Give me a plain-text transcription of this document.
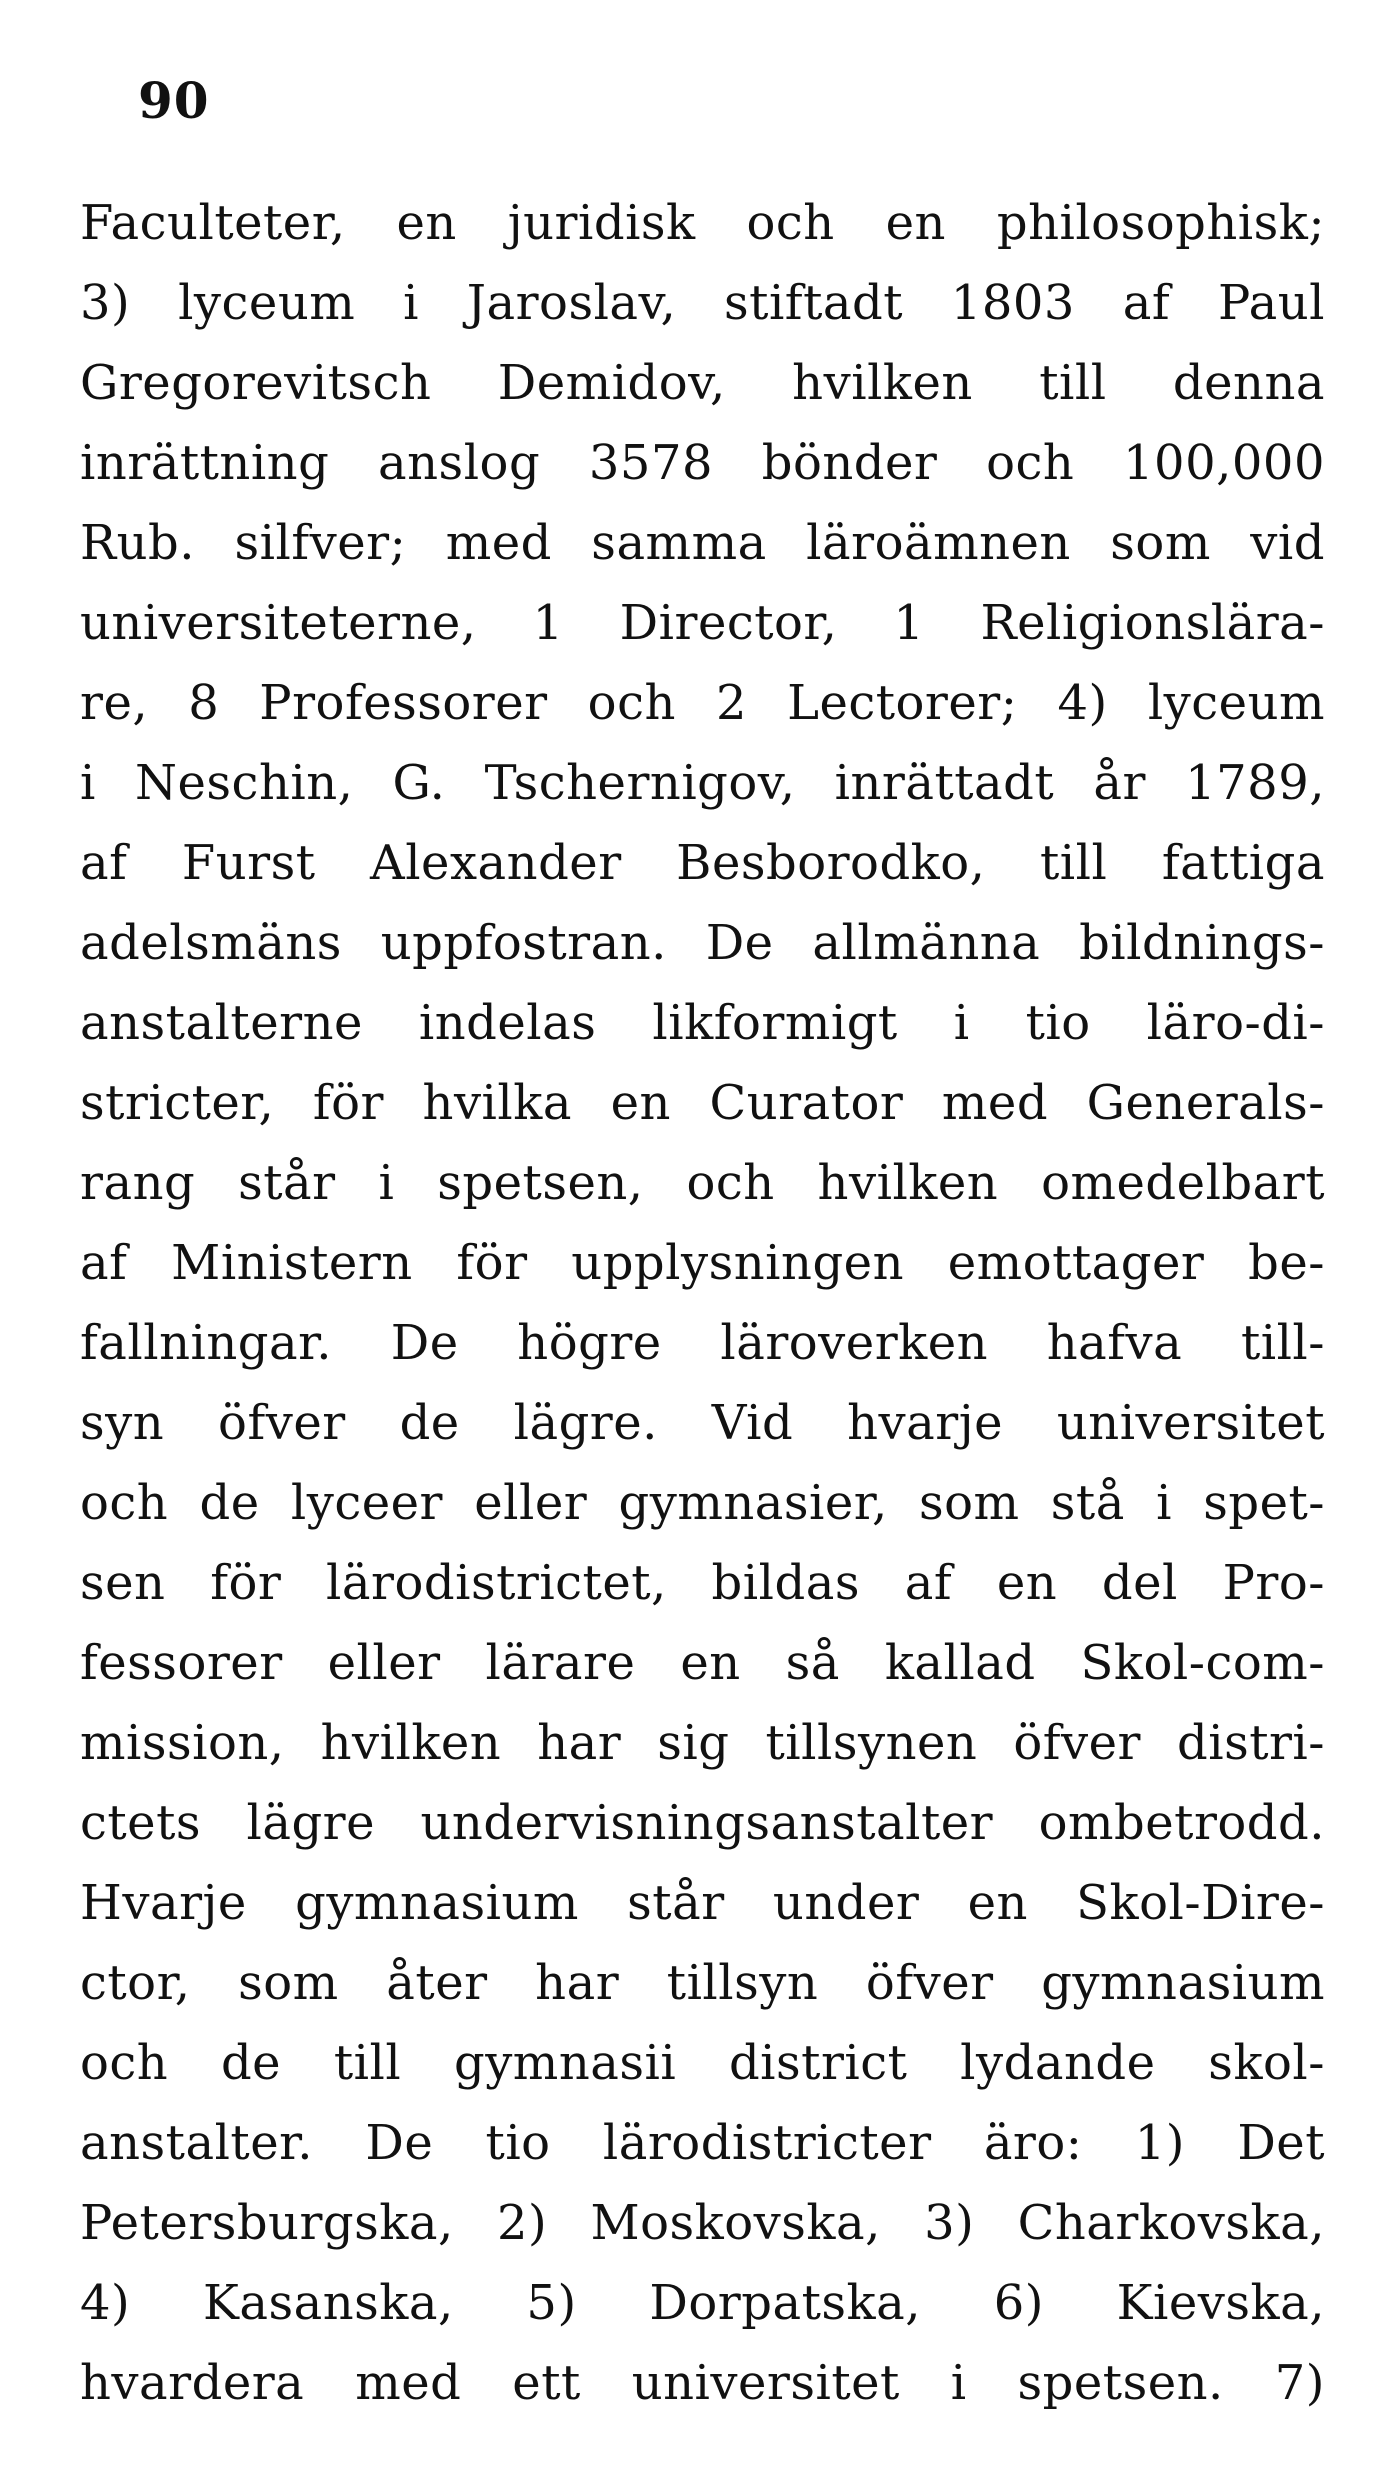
90
Faculteter, en juridisk och en philosophisk;
3) lyceum i Jaroslav, stiftadt 1803 af Paul
Gregorevitsch Demidov, hvilken till denna
inrättning anslog 3578 bönder och 100,000
Rub. silfver; med samma läroämnen som vid
universiteterne, 1 Director, 1 Religionslära-
re, 8 Professorer och 2 Lectorer; 4) lyceum
i Neschin, G. Tschernigov, inrättadt år 1789,
af Furst Alexander Besborodko, till fattiga
adelsmäns uppfostran. De allmänna bildnings-
anstalterne indelas likformigt i tio läro-di-
stricter, för hvilka en Curator med Generals-
rang står i spetsen, och hvilken omedelbart
af Ministern för upplysningen emottager be-
fallningar. De högre läroverken hafva till-
syn öfver de lägre. Vid hvarje universitet
och de lyceer eller gymnasier, som stå i spet-
sen för lärodistrictet, bildas af en del Pro-
fessorer eller lärare en så kallad Skol-com-
mission, hvilken har sig tillsynen öfver distri-
ctets lägre undervisningsanstalter ombetrodd.
Hvarje gymnasium står under en Skol-Dire-
ctor, som åter har tillsyn öfver gymnasium
och de till gymnasii district lydande skol-
anstalter. De tio lärodistricter äro: 1) Det
Petersburgska, 2) Moskovska, 3) Charkovska,
4) Kasanska, 5) Dorpatska, 6) Kievska,
hvardera med ett universitet i spetsen. 7)
